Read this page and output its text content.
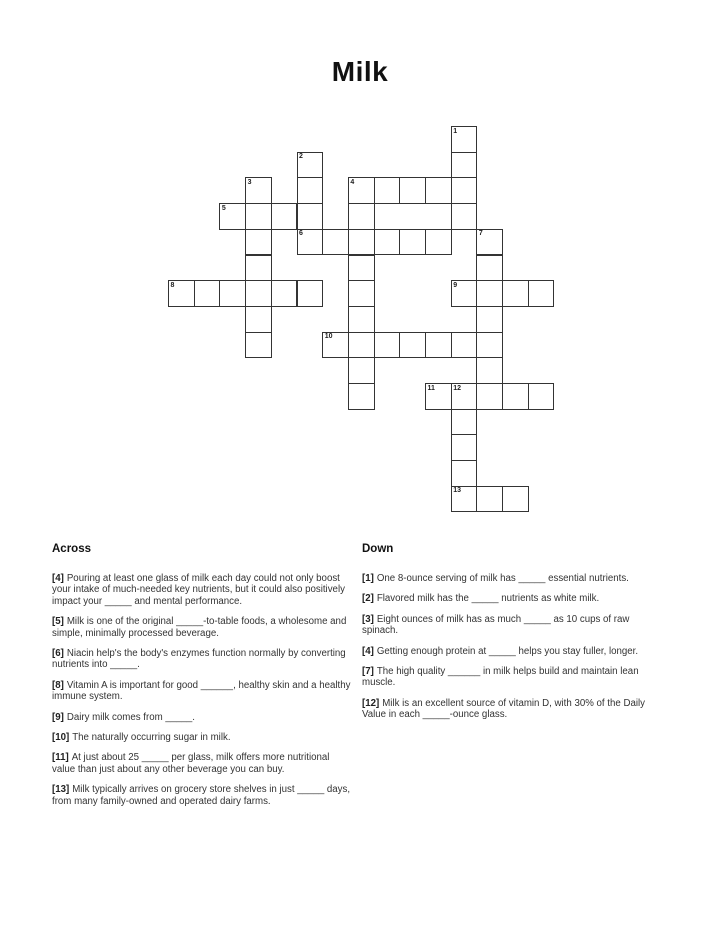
Milk
1
2
3	4
5
6	7
8	9
10
11	12
13
Across

[4] Pouring at least one glass of milk each day could not only boost your intake of much-needed key nutrients, but it could also positively impact your _____ and mental performance.

[5] Milk is one of the original _____-to-table foods, a wholesome and simple, minimally processed beverage.

[6] Niacin help's the body's enzymes function normally by converting nutrients into _____.

[8] Vitamin A is important for good ______, healthy skin and a healthy immune system.

[9] Dairy milk comes from _____.

[10] The naturally occurring sugar in milk.

[11] At just about 25 _____ per glass, milk offers more nutritional value than just about any other beverage you can buy.

[13] Milk typically arrives on grocery store shelves in just _____ days, from many family-owned and operated dairy farms.

Down

[1] One 8-ounce serving of milk has _____ essential nutrients.

[2] Flavored milk has the _____ nutrients as white milk.

[3] Eight ounces of milk has as much _____ as 10 cups of raw spinach.

[4] Getting enough protein at _____ helps you stay fuller, longer.

[7] The high quality ______ in milk helps build and maintain lean muscle.

[12] Milk is an excellent source of vitamin D, with 30% of the Daily Value in each _____-ounce glass.
